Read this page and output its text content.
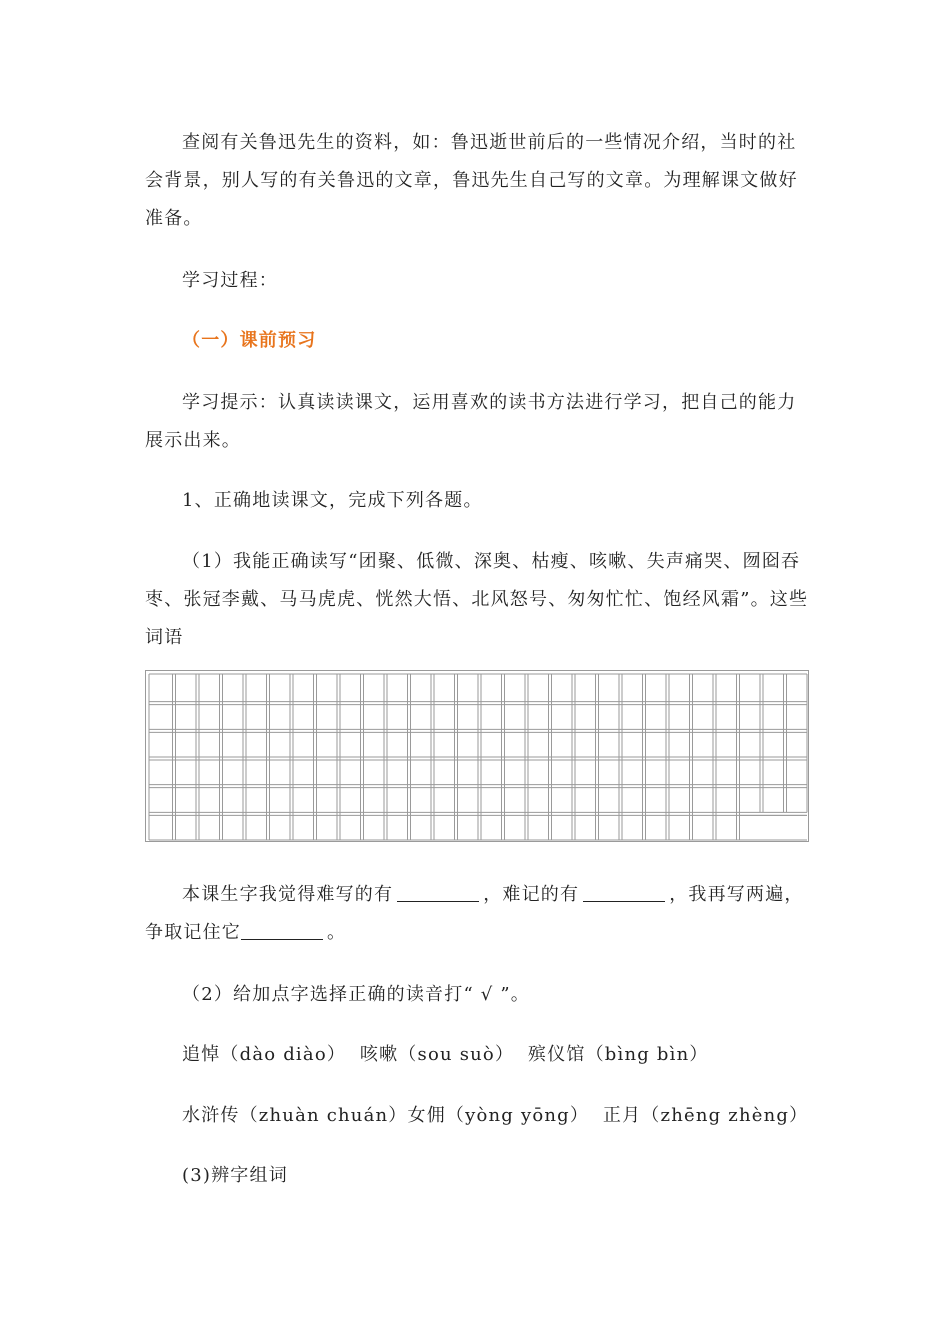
查阅有关鲁迅先生的资料，如：鲁迅逝世前后的一些情况介绍，当时的社会背景，别人写的有关鲁迅的文章，鲁迅先生自己写的文章。为理解课文做好准备。

学习过程：
（一）课前预习

学习提示：认真读读课文，运用喜欢的读书方法进行学习，把自己的能力展示出来。

1、正确地读课文，完成下列各题。

（1）我能正确读写“团聚、低微、深奥、枯瘦、咳嗽、失声痛哭、囫囵吞枣、张冠李戴、马马虎虎、恍然大悟、北风怒号、匆匆忙忙、饱经风霜”。这些词语

本课生字我觉得难写的有	，难记的有	，我再写两遍，争取记住它	。

（2）给加点字选择正确的读音打“ √ ”。
追悼（dào diào）  咳嗽（sou suò）  殡仪馆（bìng bìn）
水浒传（zhuàn chuán）女佣（yòng yōng）  正月（zhēng zhèng）
(3)辨字组词
